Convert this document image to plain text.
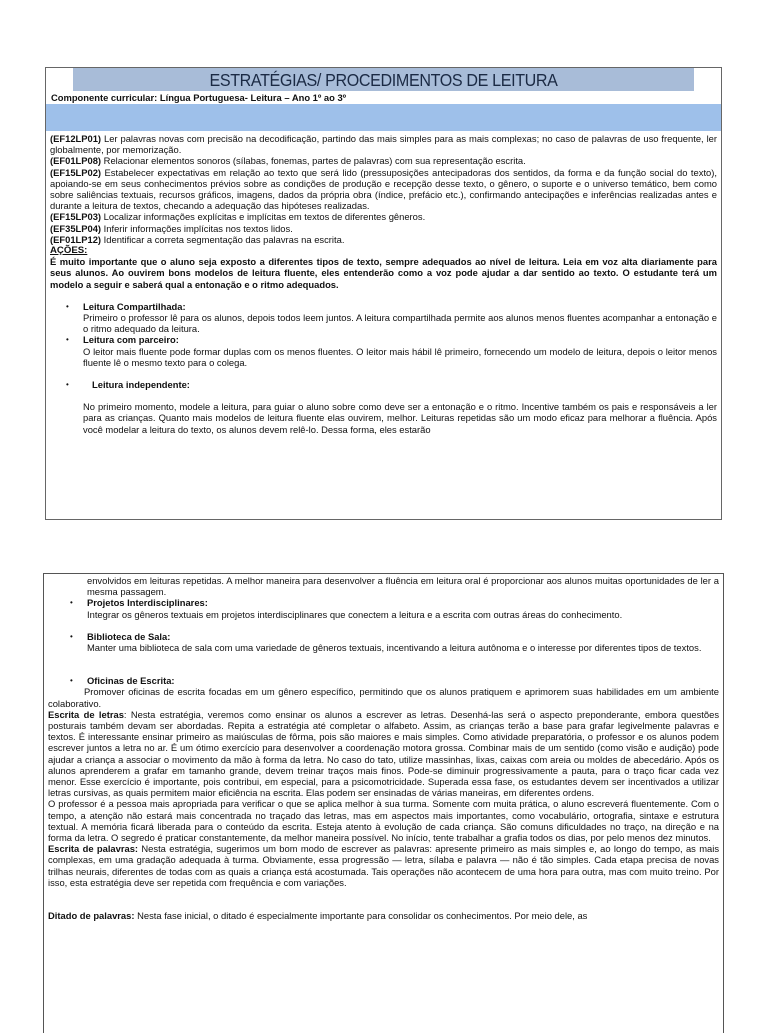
ESTRATÉGIAS/ PROCEDIMENTOS DE LEITURA
Componente curricular: Língua Portuguesa- Leitura – Ano 1º ao 3º

(EF12LP01) Ler palavras novas com precisão na decodificação, partindo das mais simples para as mais complexas; no caso de palavras de uso frequente, ler globalmente, por memorização.

(EF01LP08) Relacionar elementos sonoros (sílabas, fonemas, partes de palavras) com sua representação escrita.

(EF15LP02) Estabelecer expectativas em relação ao texto que será lido (pressuposições antecipadoras dos sentidos, da forma e da função social do texto), apoiando-se em seus conhecimentos prévios sobre as condições de produção e recepção desse texto, o gênero, o suporte e o universo temático, bem como sobre saliências textuais, recursos gráficos, imagens, dados da própria obra (índice, prefácio etc.), confirmando antecipações e inferências realizadas antes e durante a leitura de textos, checando a adequação das hipóteses realizadas.

(EF15LP03) Localizar informações explícitas e implícitas em textos de diferentes gêneros.

(EF35LP04) Inferir informações implícitas nos textos lidos.

(EF01LP12) Identificar a correta segmentação das palavras na escrita.

AÇÕES:

É muito importante que o aluno seja exposto a diferentes tipos de texto, sempre adequados ao nível de leitura. Leia em voz alta diariamente para seus alunos. Ao ouvirem bons modelos de leitura fluente, eles entenderão como a voz pode ajudar a dar sentido ao texto. O estudante terá um modelo a seguir e saberá qual a entonação e o ritmo adequados.

• Leitura Compartilhada:
Primeiro o professor lê para os alunos, depois todos leem juntos. A leitura compartilhada permite aos alunos menos fluentes acompanhar a entonação e o ritmo adequado da leitura.
• Leitura com parceiro:
O leitor mais fluente pode formar duplas com os menos fluentes. O leitor mais hábil lê primeiro, fornecendo um modelo de leitura, depois o leitor menos fluente lê o mesmo texto para o colega.
• Leitura independente:
No primeiro momento, modele a leitura, para guiar o aluno sobre como deve ser a entonação e o ritmo. Incentive também os pais e responsáveis a ler para as crianças. Quanto mais modelos de leitura fluente elas ouvirem, melhor. Leituras repetidas são um modo eficaz para melhorar a fluência. Após você modelar a leitura do texto, os alunos devem relê-lo. Dessa forma, eles estarão
envolvidos em leituras repetidas. A melhor maneira para desenvolver a fluência em leitura oral é proporcionar aos alunos muitas oportunidades de ler a mesma passagem.
• Projetos Interdisciplinares:
Integrar os gêneros textuais em projetos interdisciplinares que conectem a leitura e a escrita com outras áreas do conhecimento.
• Biblioteca de Sala:
Manter uma biblioteca de sala com uma variedade de gêneros textuais, incentivando a leitura autônoma e o interesse por diferentes tipos de textos.
• Oficinas de Escrita:

Promover oficinas de escrita focadas em um gênero específico, permitindo que os alunos pratiquem e aprimorem suas habilidades em um ambiente colaborativo.

Escrita de letras: Nesta estratégia, veremos como ensinar os alunos a escrever as letras. Desenhá-las será o aspecto preponderante, embora questões posturais também devam ser abordadas. Repita a estratégia até completar o alfabeto. Assim, as crianças terão a base para grafar legivelmente palavras e textos. É interessante ensinar primeiro as maiúsculas de fôrma, pois são maiores e mais simples. Como atividade preparatória, o professor e os alunos podem escrever juntos a letra no ar. É um ótimo exercício para desenvolver a coordenação motora grossa. Combinar mais de um sentido (como visão e audição) pode ajudar a criança a associar o movimento da mão à forma da letra. No caso do tato, utilize massinhas, lixas, caixas com areia ou moldes de abecedário. Após os alunos aprenderem a grafar em tamanho grande, devem treinar traços mais finos. Pode-se diminuir progressivamente a pauta, para o traço ficar cada vez menor. Esse exercício é importante, pois contribui, em especial, para a psicomotricidade. Superada essa fase, os estudantes devem ser incentivados a utilizar letras cursivas, as quais permitem maior eficiência na escrita. Elas podem ser ensinadas de várias maneiras, em diferentes ordens.

O professor é a pessoa mais apropriada para verificar o que se aplica melhor à sua turma. Somente com muita prática, o aluno escreverá fluentemente. Com o tempo, a atenção não estará mais concentrada no traçado das letras, mas em aspectos mais importantes, como vocabulário, ortografia, sintaxe e estrutura textual. A memória ficará liberada para o conteúdo da escrita. Esteja atento à evolução de cada criança. São comuns dificuldades no traço, na direção e na forma da letra. O segredo é praticar constantemente, da melhor maneira possível. No início, tente trabalhar a grafia todos os dias, por pelo menos dez minutos.

Escrita de palavras: Nesta estratégia, sugerimos um bom modo de escrever as palavras: apresente primeiro as mais simples e, ao longo do tempo, as mais complexas, em uma gradação adequada à turma. Obviamente, essa progressão — letra, sílaba e palavra — não é tão simples. Cada etapa precisa de novas trilhas neurais, diferentes de todas com as quais a criança está acostumada. Tais operações não acontecem de uma hora para outra, mas com muito treino. Por isso, esta estratégia deve ser repetida com frequência e com variações.

Ditado de palavras: Nesta fase inicial, o ditado é especialmente importante para consolidar os conhecimentos. Por meio dele, as
